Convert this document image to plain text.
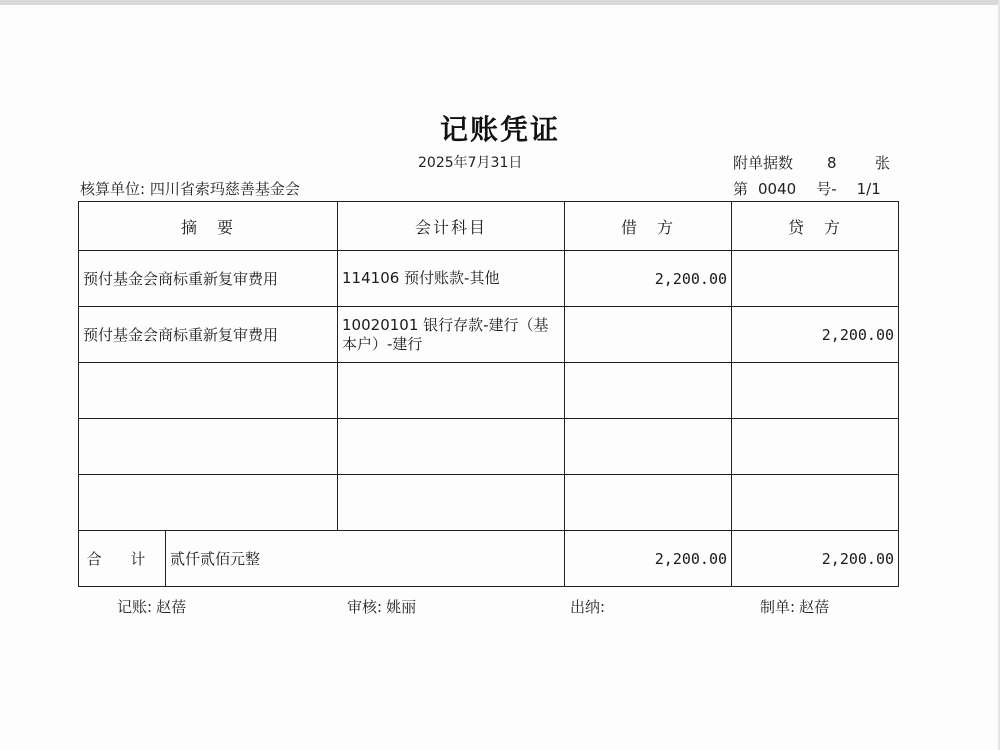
记账凭证
2025年7月31日	附单据数 8	张
核算单位: 四川省索玛慈善基金会	第 0040 号- 1/1
摘　要		会计科目	借　方	贷　方
预付基金会商标重新复审费用		114106 预付账款-其他	2,200.00	
预付基金会商标重新复审费用		10020101 银行存款-建行（基本户）-建行		2,200.00

合 计	贰仟贰佰元整		2,200.00	2,200.00
记账: 赵蓓	审核: 姚丽	出纳:	制单: 赵蓓
